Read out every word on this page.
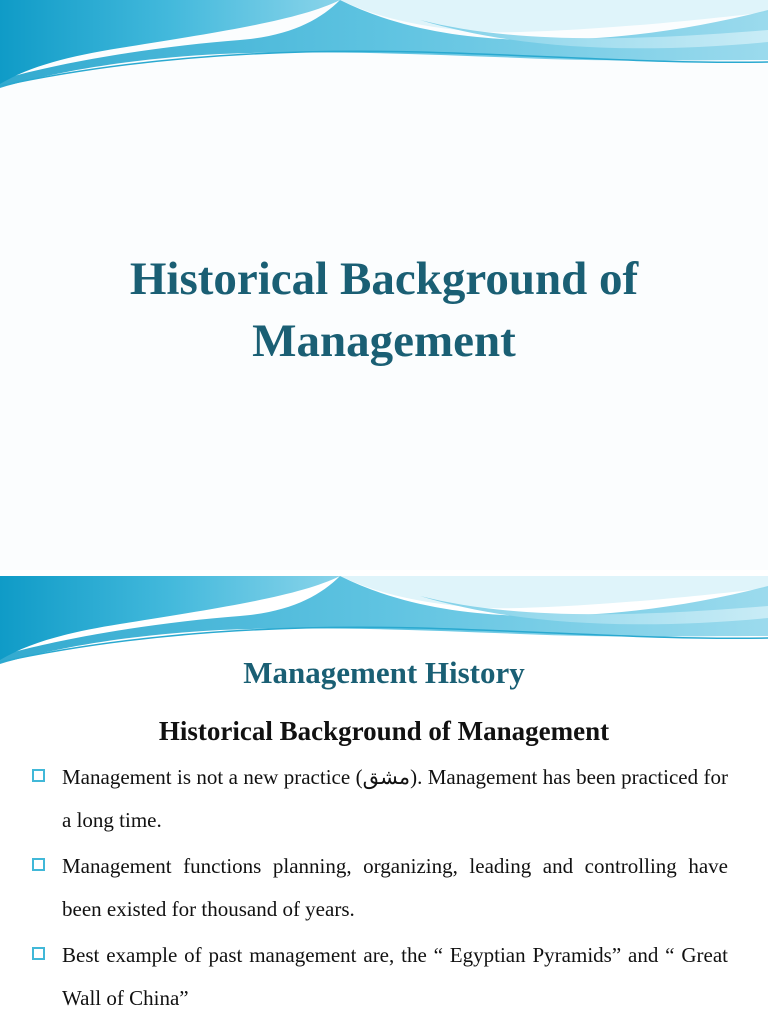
Historical Background of
Management
Management History
Historical Background of Management
Management is not a new practice (مشق). Management has been practiced for a long time.
Management functions planning, organizing, leading and controlling have been existed for thousand of years.
Best example of past management are, the “ Egyptian Pyramids” and “ Great Wall of China”
